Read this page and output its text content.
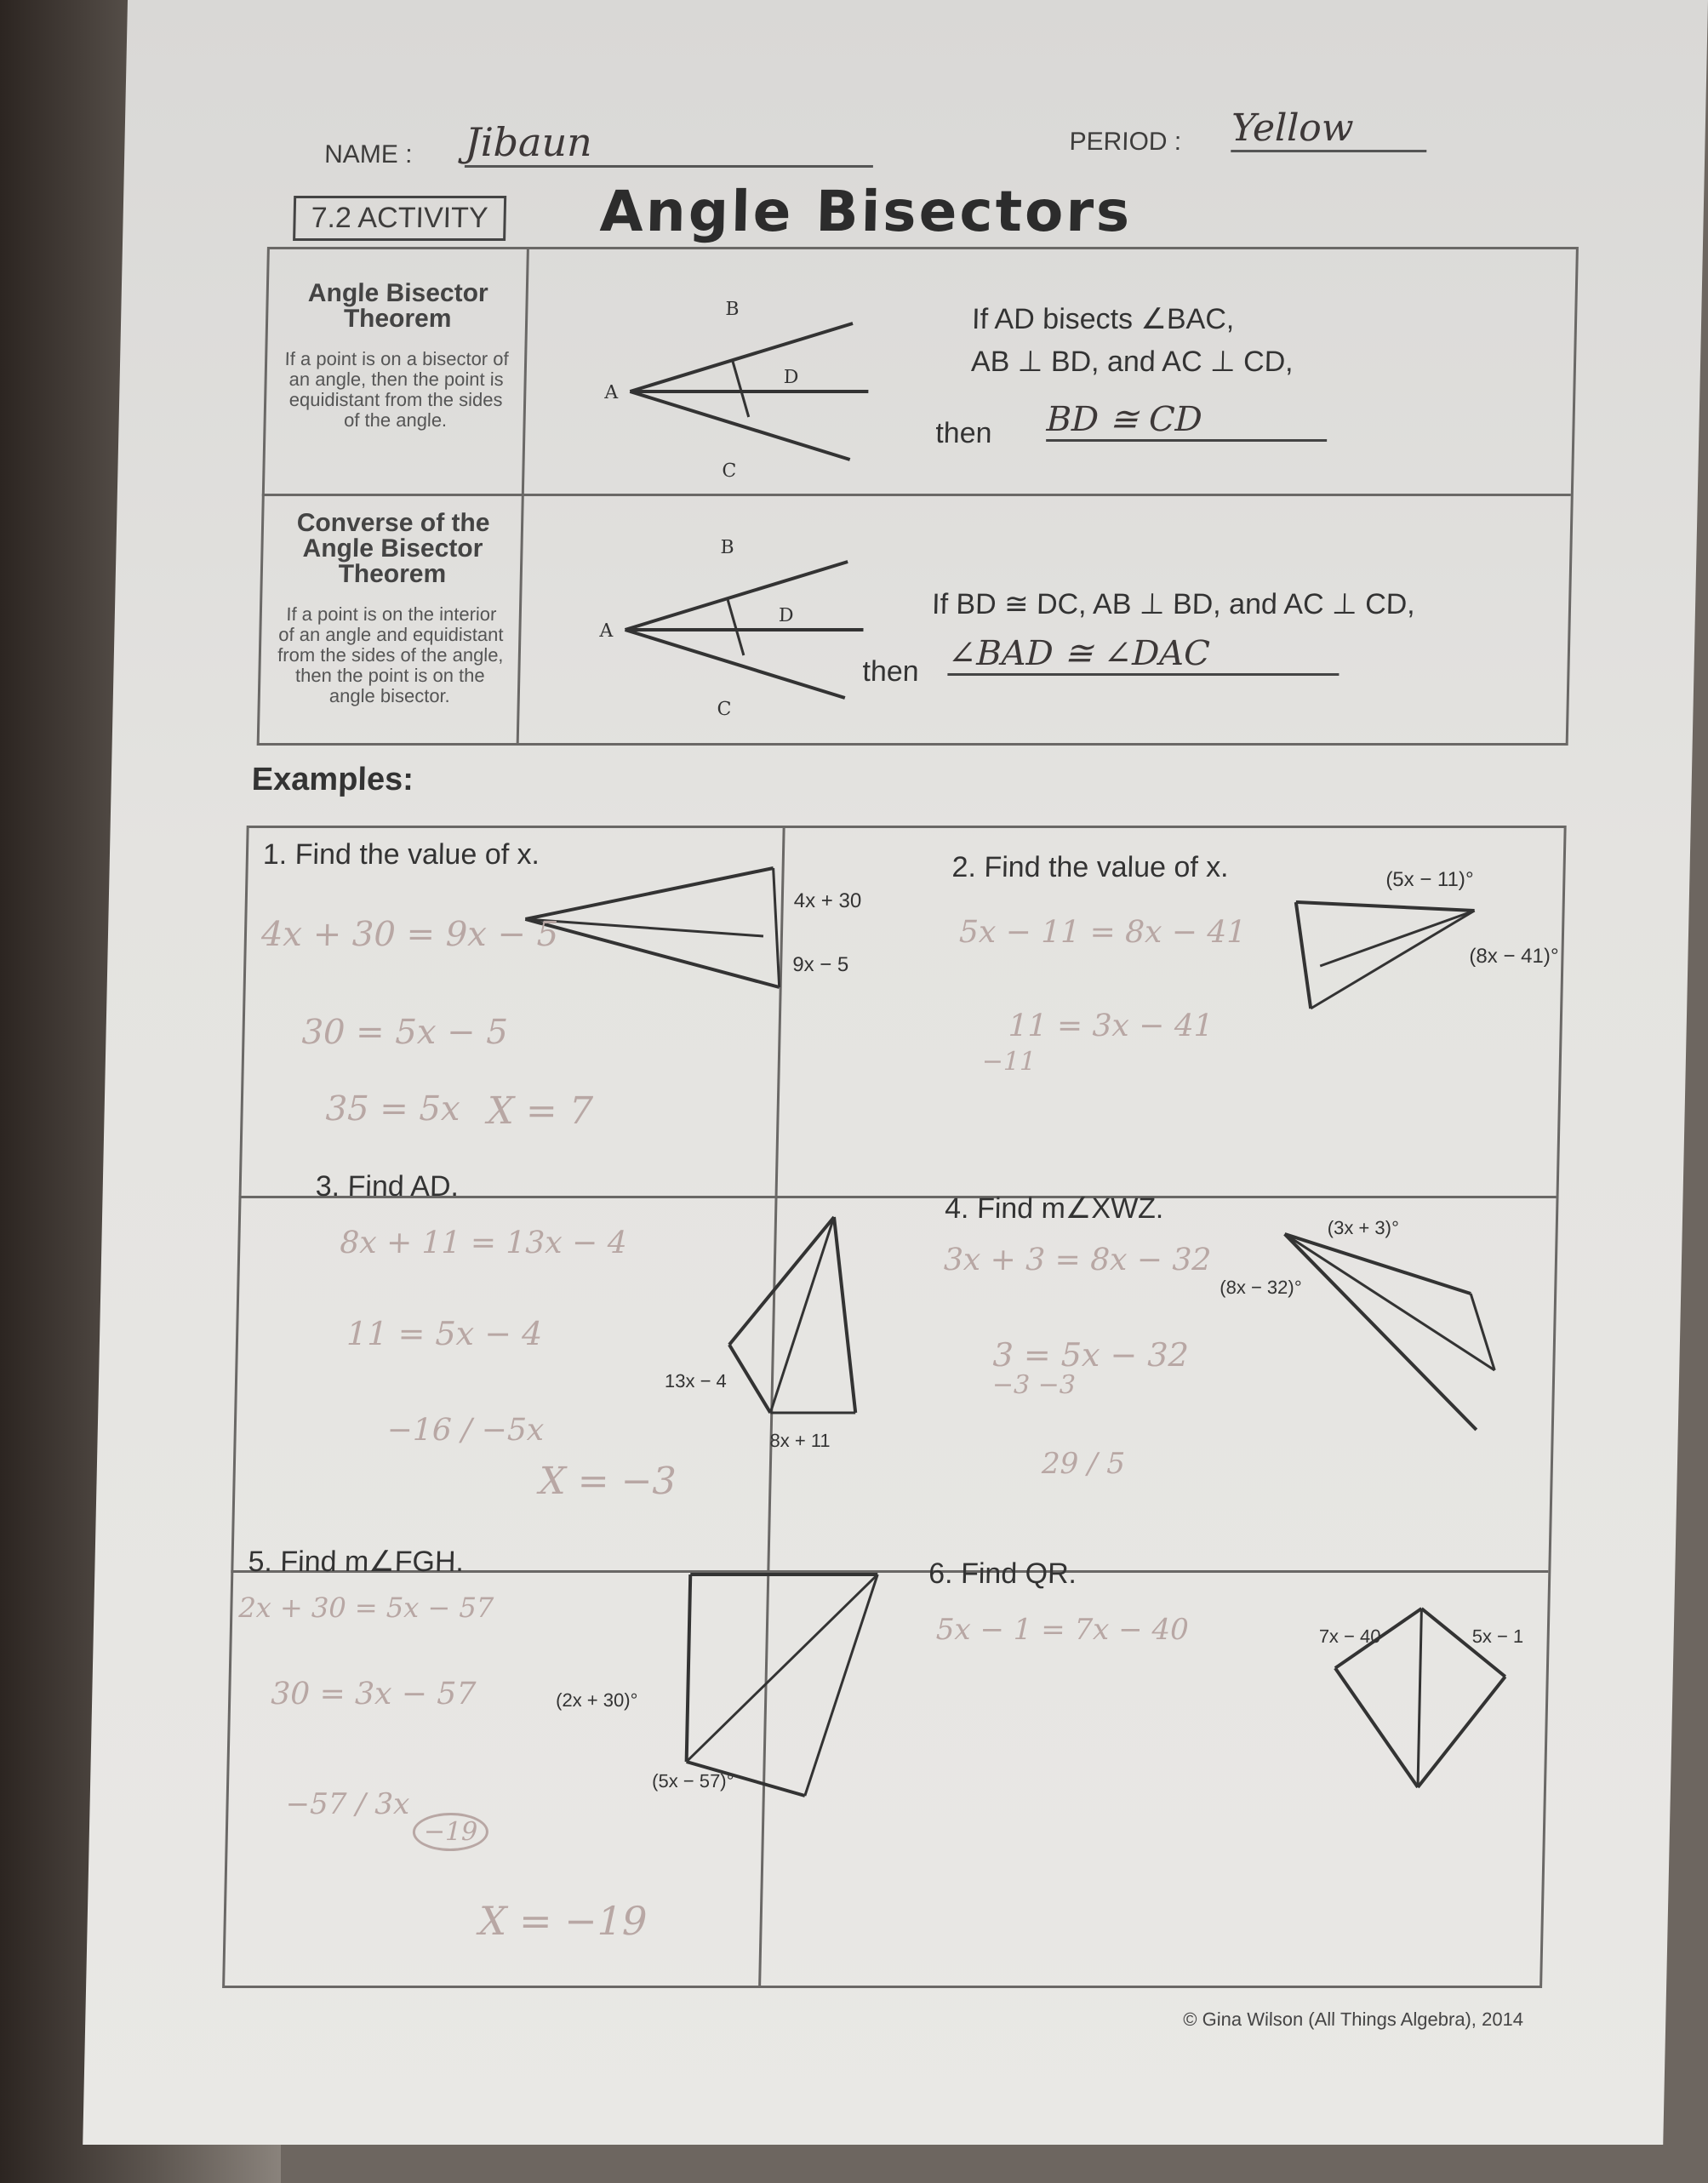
NAME : Jibaun	PERIOD : Yellow
7.2 ACTIVITY	Angle Bisectors
Angle Bisector Theorem
If a point is on a bisector of an angle, then the point is equidistant from the sides of the angle.
A
B
D
C
If AD bisects ∠BAC,
AB ⊥ BD, and AC ⊥ CD,
then BD ≅ CD
Converse of the Angle Bisector Theorem
If a point is on the interior of an angle and equidistant from the sides of the angle, then the point is on the angle bisector.
A
B
D
C
If BD ≅ DC, AB ⊥ BD, and AC ⊥ CD,
then ∠BAD ≅ ∠DAC
Examples:
1. Find the value of x.
4x + 30
9x − 5
4x + 30 = 9x − 5
30 = 5x − 5
35 = 5x X = 7
2. Find the value of x.	(5x − 11)°
(8x − 41)°
5x − 11 = 8x − 41
11 = 3x − 41
−11
3. Find AD.
13x − 4
8x + 11
8x + 11 = 13x − 4
11 = 5x − 4
−16 / −5x
X = −3
4. Find m∠XWZ.
(3x + 3)°
(8x − 32)°
3x + 3 = 8x − 32
3 = 5x − 32
−3 −3
29 / 5
5. Find m∠FGH.
(2x + 30)°
(5x − 57)°
2x + 30 = 5x − 57
30 = 3x − 57
−57 / 3x
−19
X = −19
6. Find QR.
7x − 40	5x − 1
5x − 1 = 7x − 40
© Gina Wilson (All Things Algebra), 2014
